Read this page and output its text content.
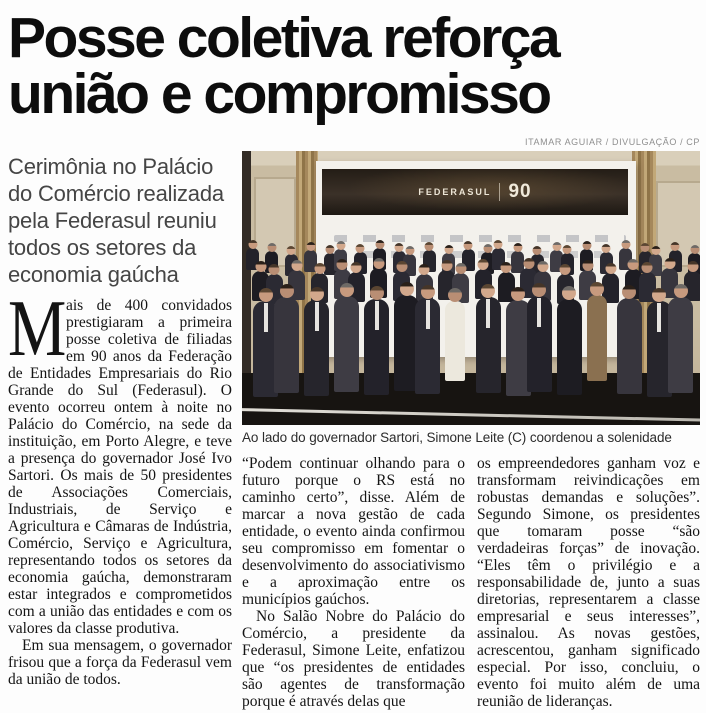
Posse coletiva reforça união e compromisso

Cerimônia no Palácio do Comércio realizada pela Federasul reuniu todos os setores da economia gaúcha

Mais de 400 convidados prestigiaram a primeira posse coletiva de filiadas em 90 anos da Federação de Entidades Empresariais do Rio Grande do Sul (Federasul). O evento ocorreu ontem à noite no Palácio do Comércio, na sede da instituição, em Porto Alegre, e teve a presença do governador José Ivo Sartori. Os mais de 50 presidentes de Associações Comerciais, Industriais, de Serviço e Agricultura e Câmaras de Indústria, Comércio, Serviço e Agricultura, representando todos os setores da economia gaúcha, demonstraram estar integrados e comprometidos com a união das entidades e com os valores da classe produtiva.

Em sua mensagem, o governador frisou que a força da Federasul vem da união de todos.

ITAMAR AGUIAR / DIVULGAÇÃO / CP
FEDERASUL 90
Ao lado do governador Sartori, Simone Leite (C) coordenou a solenidade

“Podem continuar olhando para o futuro porque o RS está no caminho certo”, disse. Além de marcar a nova gestão de cada entidade, o evento ainda confirmou seu compromisso em fomentar o desenvolvimento do associativismo e a aproximação entre os municípios gaúchos.

No Salão Nobre do Palácio do Comércio, a presidente da Federasul, Simone Leite, enfatizou que “os presidentes de entidades são agentes de transformação porque é através delas que

os empreendedores ganham voz e transformam reivindicações em robustas demandas e soluções”. Segundo Simone, os presidentes que tomaram posse “são verdadeiras forças” de inovação. “Eles têm o privilégio e a responsabilidade de, junto a suas diretorias, representarem a classe empresarial e seus interesses”, assinalou. As novas gestões, acrescentou, ganham significado especial. Por isso, concluiu, o evento foi muito além de uma reunião de lideranças.
